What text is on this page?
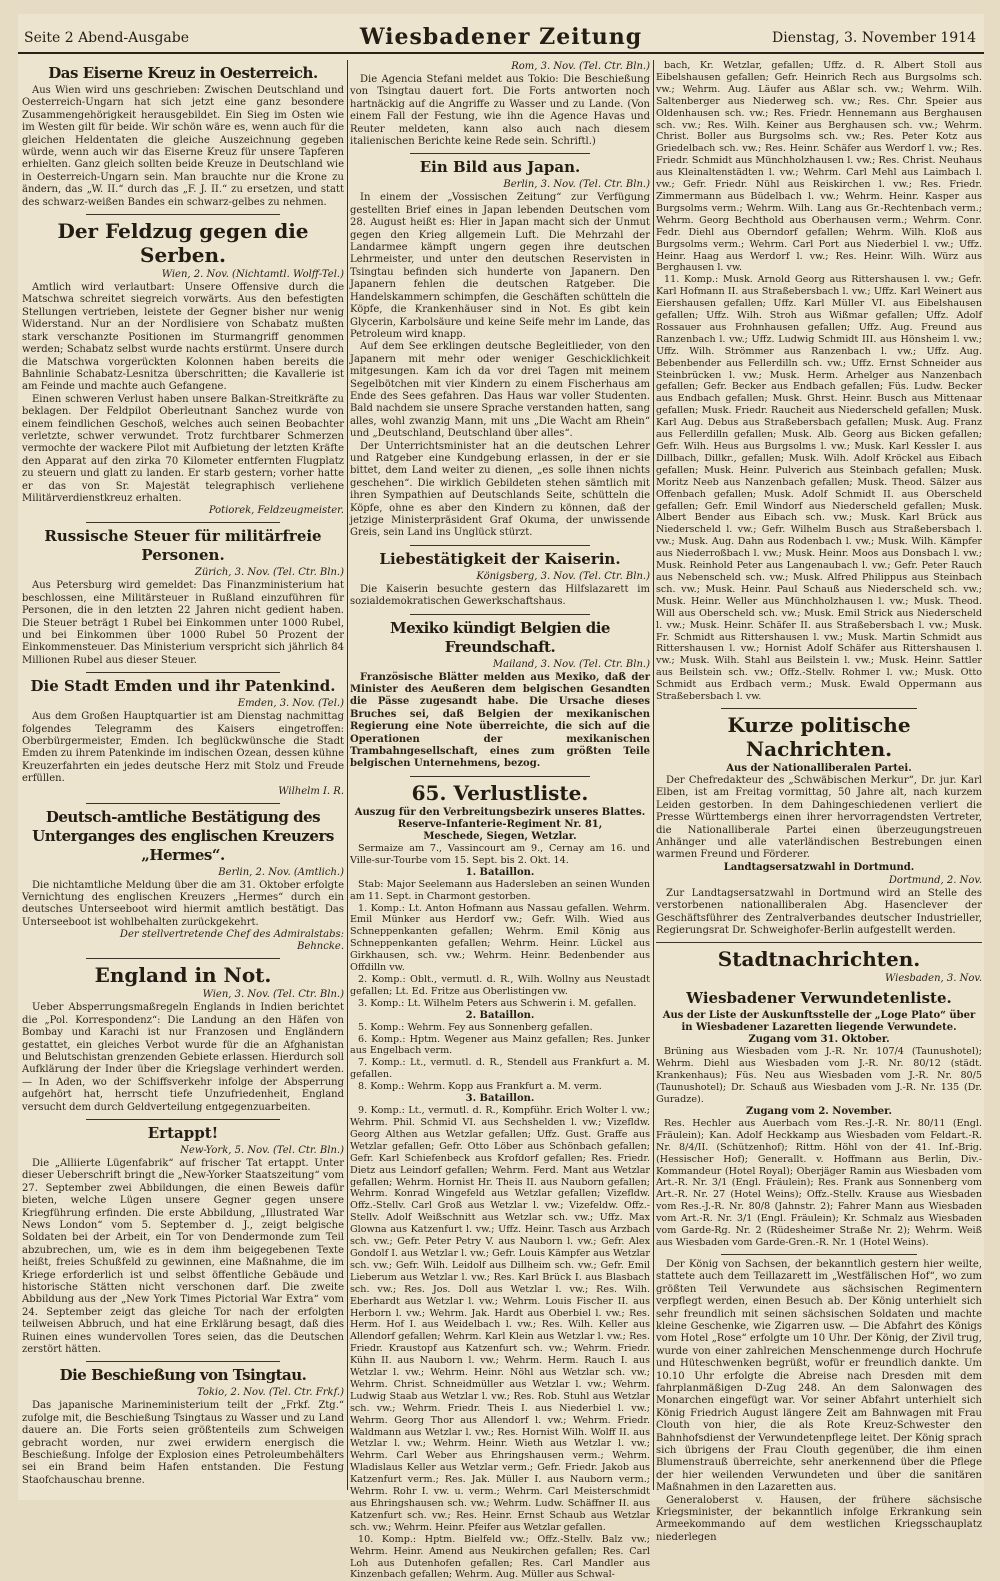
Seite 2 Abend-Ausgabe	Wiesbadener Zeitung	Dienstag, 3. November 1914
Das Eiserne Kreuz in Oesterreich.
Aus Wien wird uns geschrieben: Zwischen Deutschland und Oesterreich-Ungarn hat sich jetzt eine ganz besondere Zusammengehörigkeit herausgebildet. Ein Sieg im Osten wie im Westen gilt für beide. Wir schön wäre es, wenn auch für die gleichen Heldentaten die gleiche Auszeichnung gegeben würde, wenn auch wir das Eiserne Kreuz für unsere Tapferen erhielten. Ganz gleich sollten beide Kreuze in Deutschland wie in Oesterreich-Ungarn sein. Man brauchte nur die Krone zu ändern, das „W. II.“ durch das „F. J. II.“ zu ersetzen, und statt des schwarz-weißen Bandes ein schwarz-gelbes zu nehmen.
Der Feldzug gegen die Serben.
Wien, 2. Nov. (Nichtamtl. Wolff-Tel.)
Amtlich wird verlautbart: Unsere Offensive durch die Matschwa schreitet siegreich vorwärts. Aus den befestigten Stellungen vertrieben, leistete der Gegner bisher nur wenig Widerstand. Nur an der Nordlisiere von Schabatz mußten stark verschanzte Positionen im Sturmangriff genommen werden; Schabatz selbst wurde nachts erstürmt. Unsere durch die Matschwa vorgerückten Kolonnen haben bereits die Bahnlinie Schabatz-Lesnitza überschritten; die Kavallerie ist am Feinde und machte auch Gefangene.
Einen schweren Verlust haben unsere Balkan-Streitkräfte zu beklagen. Der Feldpilot Oberleutnant Sanchez wurde von einem feindlichen Geschoß, welches auch seinen Beobachter verletzte, schwer verwundet. Trotz furchtbarer Schmerzen vermochte der wackere Pilot mit Aufbietung der letzten Kräfte den Apparat auf den zirka 70 Kilometer entfernten Flugplatz zu steuern und glatt zu landen. Er starb gestern; vorher hatte er das von Sr. Majestät telegraphisch verliehene Militärverdienstkreuz erhalten.
Potiorek, Feldzeugmeister.
Russische Steuer für militärfreie Personen.
Zürich, 3. Nov. (Tel. Ctr. Bln.)
Aus Petersburg wird gemeldet: Das Finanzministerium hat beschlossen, eine Militärsteuer in Rußland einzuführen für Personen, die in den letzten 22 Jahren nicht gedient haben. Die Steuer beträgt 1 Rubel bei Einkommen unter 1000 Rubel, und bei Einkommen über 1000 Rubel 50 Prozent der Einkommensteuer. Das Ministerium verspricht sich jährlich 84 Millionen Rubel aus dieser Steuer.
Die Stadt Emden und ihr Patenkind.
Emden, 3. Nov. (Tel.)
Aus dem Großen Hauptquartier ist am Dienstag nachmittag folgendes Telegramm des Kaisers eingetroffen: Oberbürgermeister, Emden. Ich beglückwünsche die Stadt Emden zu ihrem Patenkinde im indischen Ozean, dessen kühne Kreuzerfahrten ein jedes deutsche Herz mit Stolz und Freude erfüllen.
Wilhelm I. R.
Deutsch-amtliche Bestätigung des Unterganges des englischen Kreuzers „Hermes“.
Berlin, 2. Nov. (Amtlich.)
Die nichtamtliche Meldung über die am 31. Oktober erfolgte Vernichtung des englischen Kreuzers „Hermes“ durch ein deutsches Unterseeboot wird hiermit amtlich bestätigt. Das Unterseeboot ist wohlbehalten zurückgekehrt.
Der stellvertretende Chef des Admiralstabs:
Behncke.
England in Not.
Wien, 3. Nov. (Tel. Ctr. Bln.)
Ueber Absperrungsmaßregeln Englands in Indien berichtet die „Pol. Korrespondenz“: Die Landung an den Häfen von Bombay und Karachi ist nur Franzosen und Engländern gestattet, ein gleiches Verbot wurde für die an Afghanistan und Belutschistan grenzenden Gebiete erlassen. Hierdurch soll Aufklärung der Inder über die Kriegslage verhindert werden. — In Aden, wo der Schiffsverkehr infolge der Absperrung aufgehört hat, herrscht tiefe Unzufriedenheit, England versucht dem durch Geldverteilung entgegenzuarbeiten.
Ertappt!
New-York, 5. Nov. (Tel. Ctr. Bln.)
Die „Alliierte Lügenfabrik“ auf frischer Tat ertappt. Unter dieser Ueberschrift bringt die „New-Yorker Staatszeitung“ vom 27. September zwei Abbildungen, die einen Beweis dafür bieten, welche Lügen unsere Gegner gegen unsere Kriegführung erfinden. Die erste Abbildung, „Illustrated War News London“ vom 5. September d. J., zeigt belgische Soldaten bei der Arbeit, ein Tor von Dendermonde zum Teil abzubrechen, um, wie es in dem ihm beigegebenen Texte heißt, freies Schußfeld zu gewinnen, eine Maßnahme, die im Kriege erforderlich ist und selbst öffentliche Gebäude und historische Stätten nicht verschonen darf. Die zweite Abbildung aus der „New York Times Pictorial War Extra“ vom 24. September zeigt das gleiche Tor nach der erfolgten teilweisen Abbruch, und hat eine Erklärung besagt, daß dies Ruinen eines wundervollen Tores seien, das die Deutschen zerstört hätten.
Die Beschießung von Tsingtau.
Tokio, 2. Nov. (Tel. Ctr. Frkf.)
Das japanische Marineministerium teilt der „Frkf. Ztg.“ zufolge mit, die Beschießung Tsingtaus zu Wasser und zu Land dauere an. Die Forts seien größtenteils zum Schweigen gebracht worden, nur zwei erwidern energisch die Beschießung. Infolge der Explosion eines Petroleumbehälters sei ein Brand beim Hafen entstanden. Die Festung Staofchauschau brenne.
Rom, 3. Nov. (Tel. Ctr. Bln.)
Die Agencia Stefani meldet aus Tokio: Die Beschießung von Tsingtau dauert fort. Die Forts antworten noch hartnäckig auf die Angriffe zu Wasser und zu Lande. (Von einem Fall der Festung, wie ihn die Agence Havas und Reuter meldeten, kann also auch nach diesem italienischen Berichte keine Rede sein. Schriftl.)
Ein Bild aus Japan.
Berlin, 3. Nov. (Tel. Ctr. Bln.)
In einem der „Vossischen Zeitung“ zur Verfügung gestellten Brief eines in Japan lebenden Deutschen vom 28. August heißt es: Hier in Japan macht sich der Unmut gegen den Krieg allgemein Luft. Die Mehrzahl der Landarmee kämpft ungern gegen ihre deutschen Lehrmeister, und unter den deutschen Reservisten in Tsingtau befinden sich hunderte von Japanern. Den Japanern fehlen die deutschen Ratgeber. Die Handelskammern schimpfen, die Geschäften schütteln die Köpfe, die Krankenhäuser sind in Not. Es gibt kein Glycerin, Karbolsäure und keine Seife mehr im Lande, das Petroleum wird knapp.
Auf dem See erklingen deutsche Begleitlieder, von den Japanern mit mehr oder weniger Geschicklichkeit mitgesungen. Kam ich da vor drei Tagen mit meinem Segelbötchen mit vier Kindern zu einem Fischerhaus am Ende des Sees gefahren. Das Haus war voller Studenten. Bald nachdem sie unsere Sprache verstanden hatten, sang alles, wohl zwanzig Mann, mit uns „Die Wacht am Rhein“ und „Deutschland, Deutschland über alles“.
Der Unterrichtsminister hat an die deutschen Lehrer und Ratgeber eine Kundgebung erlassen, in der er sie bittet, dem Land weiter zu dienen, „es solle ihnen nichts geschehen“. Die wirklich Gebildeten stehen sämtlich mit ihren Sympathien auf Deutschlands Seite, schütteln die Köpfe, ohne es aber den Kindern zu können, daß der jetzige Ministerpräsident Graf Okuma, der unwissende Greis, sein Land ins Unglück stürzt.
Liebestätigkeit der Kaiserin.
Königsberg, 3. Nov. (Tel. Ctr. Bln.)
Die Kaiserin besuchte gestern das Hilfslazarett im sozialdemokratischen Gewerkschaftshaus.
Mexiko kündigt Belgien die Freundschaft.
Mailand, 3. Nov. (Tel. Ctr. Bln.)
Französische Blätter melden aus Mexiko, daß der Minister des Aeußeren dem belgischen Gesandten die Pässe zugesandt habe. Die Ursache dieses Bruches sei, daß Belgien der mexikanischen Regierung eine Note überreichte, die sich auf die Operationen der mexikanischen Trambahngesellschaft, eines zum größten Teile belgischen Unternehmens, bezog.
65. Verlustliste.
Auszug für den Verbreitungsbezirk unseres Blattes.
Reserve-Infanterie-Regiment Nr. 81,
Meschede, Siegen, Wetzlar.
Sermaize am 7., Vassincourt am 9., Cernay am 16. und Ville-sur-Tourbe vom 15. Sept. bis 2. Okt. 14.
1. Bataillon.
Stab: Major Seelemann aus Hadersleben an seinen Wunden am 11. Sept. in Charmont gestorben.
1. Komp.: Lt. Anton Hofmann aus Nassau gefallen. Wehrm. Emil Münker aus Herdorf vw.; Gefr. Wilh. Wied aus Schneppenkanten gefallen; Wehrm. Emil König aus Schneppenkanten gefallen; Wehrm. Heinr. Lückel aus Girkhausen, sch. vw.; Wehrm. Heinr. Bedenbender aus Offdilln vw.
2. Komp.: Oblt., vermutl. d. R., Wilh. Wollny aus Neustadt gefallen; Lt. Ed. Fritze aus Oberlistingen vw.
3. Komp.: Lt. Wilhelm Peters aus Schwerin i. M. gefallen.
2. Bataillon.
5. Komp.: Wehrm. Fey aus Sonnenberg gefallen.
6. Komp.: Hptm. Wegener aus Mainz gefallen; Res. Junker aus Engelbach verm.
7. Komp.: Lt., vermutl. d. R., Stendell aus Frankfurt a. M. gefallen.
8. Komp.: Wehrm. Kopp aus Frankfurt a. M. verm.
3. Bataillon.
9. Komp.: Lt., vermutl. d. R., Kompführ. Erich Wolter l. vw.; Wehrm. Phil. Schmid VI. aus Sechshelden l. vw.; Vizefldw. Georg Althen aus Wetzlar gefallen; Uffz. Gust. Graffe aus Wetzlar gefallen; Gefr. Otto Löber aus Schönbach gefallen; Gefr. Karl Schiefenbeck aus Krofdorf gefallen; Res. Friedr. Dietz aus Leindorf gefallen; Wehrm. Ferd. Mant aus Wetzlar gefallen; Wehrm. Hornist Hr. Theis II. aus Nauborn gefallen; Wehrm. Konrad Wingefeld aus Wetzlar gefallen; Vizefldw. Offz.-Stellv. Carl Groß aus Wetzlar l. vw.; Vizefeldw. Offz.-Stellv. Adolf Weißschnitt aus Wetzlar sch. vw.; Uffz. Max Glowna aus Katzenfurt l. vw.; Uffz. Heinr. Tasch aus Arzbach sch. vw.; Gefr. Peter Petry V. aus Nauborn l. vw.; Gefr. Alex Gondolf I. aus Wetzlar l. vw.; Gefr. Louis Kämpfer aus Wetzlar sch. vw.; Gefr. Wilh. Leidolf aus Dillheim sch. vw.; Gefr. Emil Lieberum aus Wetzlar l. vw.; Res. Karl Brück I. aus Blasbach sch. vw.; Res. Jos. Doll aus Wetzlar l. vw.; Res. Wilh. Eberhardt aus Wetzlar l. vw.; Wehrm. Louis Fischer II. aus Herborn l. vw.; Wehrm. Jak. Hardt aus Oberbiel l. vw.; Res. Herm. Hof I. aus Weidelbach l. vw.; Res. Wilh. Keller aus Allendorf gefallen; Wehrm. Karl Klein aus Wetzlar l. vw.; Res. Friedr. Kraustopf aus Katzenfurt sch. vw.; Wehrm. Friedr. Kühn II. aus Nauborn l. vw.; Wehrm. Herm. Rauch I. aus Wetzlar l. vw.; Wehrm. Heinr. Nöhl aus Wetzlar sch. vw.; Wehrm. Christ. Schneidmüller aus Wetzlar l. vw.; Wehrm. Ludwig Staab aus Wetzlar l. vw.; Res. Rob. Stuhl aus Wetzlar sch. vw.; Wehrm. Friedr. Theis I. aus Niederbiel l. vw.; Wehrm. Georg Thor aus Allendorf l. vw.; Wehrm. Friedr. Waldmann aus Wetzlar l. vw.; Res. Hornist Wilh. Wolff II. aus Wetzlar l. vw.; Wehrm. Heinr. Wieth aus Wetzlar l. vw.; Wehrm. Carl Weber aus Ehringshausen verm.; Wehrm. Wladislaus Keller aus Wetzlar verm.; Gefr. Friedr. Jakob aus Katzenfurt verm.; Res. Jak. Müller I. aus Nauborn verm.; Wehrm. Rohr I. vw. u. verm.; Wehrm. Carl Meisterschmidt aus Ehringshausen sch. vw.; Wehrm. Ludw. Schäffner II. aus Katzenfurt sch. vw.; Res. Heinr. Ernst Schaub aus Wetzlar sch. vw.; Wehrm. Heinr. Pfeifer aus Wetzlar gefallen.
10. Komp.: Hptm. Bielfeld vw.; Offz.-Stellv. Balz vw.; Wehrm. Heinr. Amend aus Neukirchen gefallen; Res. Carl Loh aus Dutenhofen gefallen; Res. Carl Mandler aus Kinzenbach gefallen; Wehrm. Aug. Müller aus Schwal-
bach, Kr. Wetzlar, gefallen; Uffz. d. R. Albert Stoll aus Eibelshausen gefallen; Gefr. Heinrich Rech aus Burgsolms sch. vw.; Wehrm. Aug. Läufer aus Aßlar sch. vw.; Wehrm. Wilh. Saltenberger aus Niederweg sch. vw.; Res. Chr. Speier aus Oldenhausen sch. vw.; Res. Friedr. Hennemann aus Berghausen sch. vw.; Res. Wilh. Keiner aus Berghausen sch. vw.; Wehrm. Christ. Boller aus Burgsolms sch. vw.; Res. Peter Kotz aus Griedelbach sch. vw.; Res. Heinr. Schäfer aus Werdorf l. vw.; Res. Friedr. Schmidt aus Münchholzhausen l. vw.; Res. Christ. Neuhaus aus Kleinaltenstädten l. vw.; Wehrm. Carl Mehl aus Laimbach l. vw.; Gefr. Friedr. Nühl aus Reiskirchen l. vw.; Res. Friedr. Zimmermann aus Büdelbach l. vw.; Wehrm. Heinr. Kasper aus Burgsolms verm.; Wehrm. Wilh. Lang aus Gr.-Rechtenbach verm.; Wehrm. Georg Bechthold aus Oberhausen verm.; Wehrm. Conr. Fedr. Diehl aus Oberndorf gefallen; Wehrm. Wilh. Kloß aus Burgsolms verm.; Wehrm. Carl Port aus Niederbiel l. vw.; Uffz. Heinr. Haag aus Werdorf l. vw.; Res. Heinr. Wilh. Würz aus Berghausen l. vw.
11. Komp.: Musk. Arnold Georg aus Rittershausen l. vw.; Gefr. Karl Hofmann II. aus Straßebersbach l. vw.; Uffz. Karl Weinert aus Eiershausen gefallen; Uffz. Karl Müller VI. aus Eibelshausen gefallen; Uffz. Wilh. Stroh aus Wißmar gefallen; Uffz. Adolf Rossauer aus Frohnhausen gefallen; Uffz. Aug. Freund aus Ranzenbach l. vw.; Uffz. Ludwig Schmidt III. aus Hönsheim l. vw.; Uffz. Wilh. Strömmer aus Ranzenbach l. vw.; Uffz. Aug. Bebenbender aus Fellerdilln sch. vw.; Uffz. Ernst Schneider aus Steinbrücken l. vw.; Musk. Herm. Arhelger aus Nanzenbach gefallen; Gefr. Becker aus Endbach gefallen; Füs. Ludw. Becker aus Endbach gefallen; Musk. Ghrst. Heinr. Busch aus Mittenaar gefallen; Musk. Friedr. Raucheit aus Niederscheld gefallen; Musk. Karl Aug. Debus aus Straßebersbach gefallen; Musk. Aug. Franz aus Fellerdilln gefallen; Musk. Alb. Georg aus Bicken gefallen; Gefr. Wilh. Heus aus Burgsolms l. vw.; Musk. Karl Kessler I. aus Dillbach, Dillkr., gefallen; Musk. Wilh. Adolf Kröckel aus Eibach gefallen; Musk. Heinr. Pulverich aus Steinbach gefallen; Musk. Moritz Neeb aus Nanzenbach gefallen; Musk. Theod. Sälzer aus Offenbach gefallen; Musk. Adolf Schmidt II. aus Oberscheld gefallen; Gefr. Emil Windorf aus Niederscheld gefallen; Musk. Albert Bender aus Eibach sch. vw.; Musk. Karl Brück aus Niederscheld l. vw.; Gefr. Wilhelm Busch aus Straßebersbach l. vw.; Musk. Aug. Dahn aus Rodenbach l. vw.; Musk. Wilh. Kämpfer aus Niederroßbach l. vw.; Musk. Heinr. Moos aus Donsbach l. vw.; Musk. Reinhold Peter aus Langenaubach l. vw.; Gefr. Peter Rauch aus Nebenscheld sch. vw.; Musk. Alfred Philippus aus Steinbach sch. vw.; Musk. Heinr. Paul Schauß aus Niederscheld sch. vw.; Musk. Heinr. Weller aus Münchholzhausen l. vw.; Musk. Theod. Will aus Oberscheld sch. vw.; Musk. Emil Strick aus Niederscheld l. vw.; Musk. Heinr. Schäfer II. aus Straßebersbach l. vw.; Musk. Fr. Schmidt aus Rittershausen l. vw.; Musk. Martin Schmidt aus Rittershausen l. vw.; Hornist Adolf Schäfer aus Rittershausen l. vw.; Musk. Wilh. Stahl aus Beilstein l. vw.; Musk. Heinr. Sattler aus Beilstein sch. vw.; Offz.-Stellv. Rohmer l. vw.; Musk. Otto Schmidt aus Erdbach verm.; Musk. Ewald Oppermann aus Straßebersbach l. vw.
Kurze politische Nachrichten.
Aus der Nationalliberalen Partei.
Der Chefredakteur des „Schwäbischen Merkur“, Dr. jur. Karl Elben, ist am Freitag vormittag, 50 Jahre alt, nach kurzem Leiden gestorben. In dem Dahingeschiedenen verliert die Presse Württembergs einen ihrer hervorragendsten Vertreter, die Nationalliberale Partei einen überzeugungstreuen Anhänger und alle vaterländischen Bestrebungen einen warmen Freund und Förderer.
Landtagsersatzwahl in Dortmund.
Dortmund, 2. Nov.
Zur Landtagsersatzwahl in Dortmund wird an Stelle des verstorbenen nationalliberalen Abg. Hasenclever der Geschäftsführer des Zentralverbandes deutscher Industrieller, Regierungsrat Dr. Schweighofer-Berlin aufgestellt werden.
Stadtnachrichten.
Wiesbaden, 3. Nov.
Wiesbadener Verwundetenliste.
Aus der Liste der Auskunftsstelle der „Loge Plato“ über in Wiesbadener Lazaretten liegende Verwundete.
Zugang vom 31. Oktober.
Brüning aus Wiesbaden vom J.-R. Nr. 107/4 (Taunushotel); Wehrm. Diehl aus Wiesbaden vom J.-R. Nr. 80/12 (städt. Krankenhaus); Füs. Neu aus Wiesbaden vom J.-R. Nr. 80/5 (Taunushotel); Dr. Schauß aus Wiesbaden vom J.-R. Nr. 135 (Dr. Guradze).
Zugang vom 2. November.
Res. Hechler aus Auerbach vom Res.-J.-R. Nr. 80/11 (Engl. Fräulein); Kan. Adolf Heckkamp aus Wiesbaden vom Feldart.-R. Nr. 8/4/II. (Schützenhof); Rittm. Höhl von der 41. Inf.-Brig. (Hessischer Hof); Generallt. v. Hoffmann aus Berlin, Div.-Kommandeur (Hotel Royal); Oberjäger Ramin aus Wiesbaden vom Art.-R. Nr. 3/1 (Engl. Fräulein); Res. Frank aus Sonnenberg vom Art.-R. Nr. 27 (Hotel Weins); Offz.-Stellv. Krause aus Wiesbaden vom Res.-J.-R. Nr. 80/8 (Jahnstr. 2); Fahrer Mann aus Wiesbaden vom Art.-R. Nr. 3/1 (Engl. Fräulein); Kr. Schmalz aus Wiesbaden vom Garde-Rg. Nr. 2 (Rüdesheimer Straße Nr. 2); Wehrm. Weiß aus Wiesbaden vom Garde-Gren.-R. Nr. 1 (Hotel Weins).
Der König von Sachsen, der bekanntlich gestern hier weilte, stattete auch dem Teillazarett im „Westfälischen Hof“, wo zum größten Teil Verwundete aus sächsischen Regimentern verpflegt werden, einen Besuch ab. Der König unterhielt sich sehr freundlich mit seinen sächsischen Soldaten und machte kleine Geschenke, wie Zigarren usw. — Die Abfahrt des Königs vom Hotel „Rose“ erfolgte um 10 Uhr. Der König, der Zivil trug, wurde von einer zahlreichen Menschenmenge durch Hochrufe und Hüteschwenken begrüßt, wofür er freundlich dankte. Um 10.10 Uhr erfolgte die Abreise nach Dresden mit dem fahrplanmäßigen D-Zug 248. An dem Salonwagen des Monarchen eingefügt war. Vor seiner Abfahrt unterhielt sich König Friedrich August längere Zeit am Bahnwagen mit Frau Clouth von hier, die als Rote Kreuz-Schwester den Bahnhofsdienst der Verwundetenpflege leitet. Der König sprach sich übrigens der Frau Clouth gegenüber, die ihm einen Blumenstrauß überreichte, sehr anerkennend über die Pflege der hier weilenden Verwundeten und über die sanitären Maßnahmen in den Lazaretten aus.
Generaloberst v. Hausen, der frühere sächsische Kriegsminister, der bekanntlich infolge Erkrankung sein Armeekommando auf dem westlichen Kriegsschauplatz niederlegen
